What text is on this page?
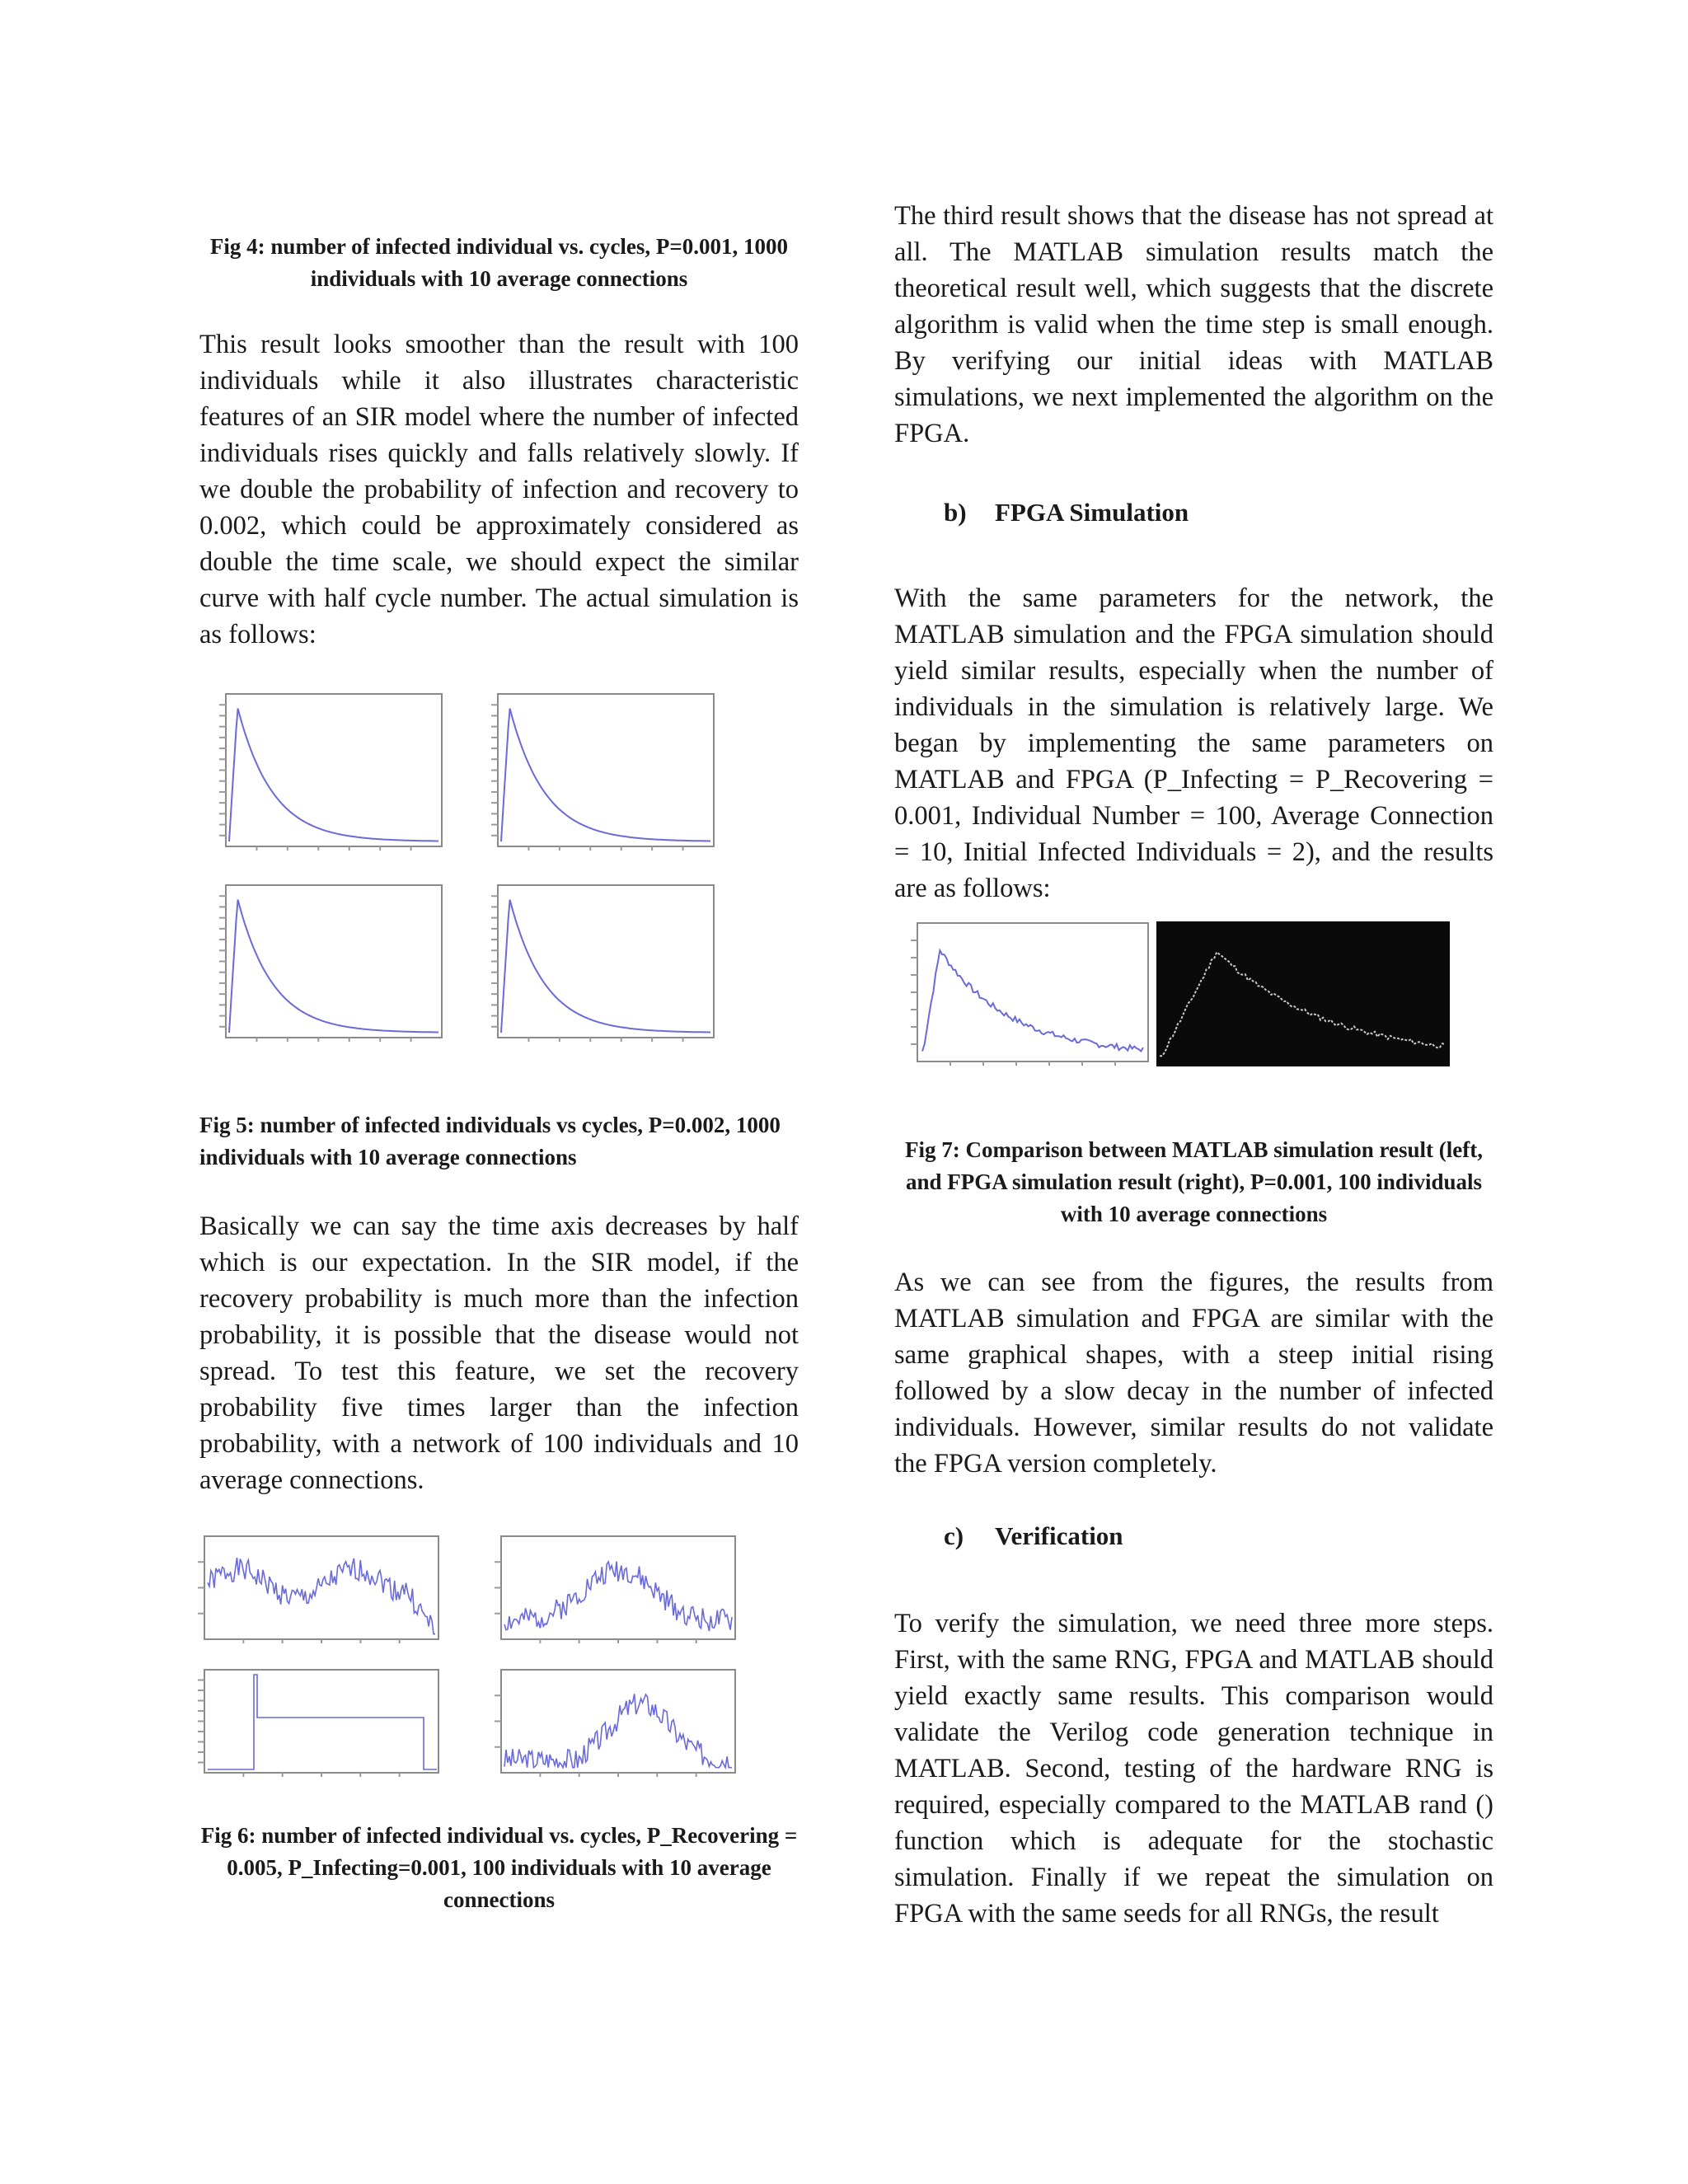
Fig 4: number of infected individual vs. cycles, P=0.001, 1000 individuals with 10 average connections

This result looks smoother than the result with 100 individuals while it also illustrates characteristic features of an SIR model where the number of infected individuals rises quickly and falls relatively slowly. If we double the probability of infection and recovery to 0.002, which could be approximately considered as double the time scale, we should expect the similar curve with half cycle number. The actual simulation is as follows:

Fig 5: number of infected individuals vs cycles, P=0.002, 1000 individuals with 10 average connections

Basically we can say the time axis decreases by half which is our expectation. In the SIR model, if the recovery probability is much more than the infection probability, it is possible that the disease would not spread. To test this feature, we set the recovery probability five times larger than the infection probability, with a network of 100 individuals and 10 average connections.

Fig 6: number of infected individual vs. cycles, P_Recovering = 0.005, P_Infecting=0.001, 100 individuals with 10 average connections

The third result shows that the disease has not spread at all. The MATLAB simulation results match the theoretical result well, which suggests that the discrete algorithm is valid when the time step is small enough. By verifying our initial ideas with MATLAB simulations, we next implemented the algorithm on the FPGA.

b) FPGA Simulation

With the same parameters for the network, the MATLAB simulation and the FPGA simulation should yield similar results, especially when the number of individuals in the simulation is relatively large. We began by implementing the same parameters on MATLAB and FPGA (P_Infecting = P_Recovering = 0.001, Individual Number = 100, Average Connection = 10, Initial Infected Individuals = 2), and the results are as follows:

Fig 7: Comparison between MATLAB simulation result (left, and FPGA simulation result (right), P=0.001, 100 individuals with 10 average connections

As we can see from the figures, the results from MATLAB simulation and FPGA are similar with the same graphical shapes, with a steep initial rising followed by a slow decay in the number of infected individuals. However, similar results do not validate the FPGA version completely.

c) Verification

To verify the simulation, we need three more steps. First, with the same RNG, FPGA and MATLAB should yield exactly same results. This comparison would validate the Verilog code generation technique in MATLAB. Second, testing of the hardware RNG is required, especially compared to the MATLAB rand () function which is adequate for the stochastic simulation. Finally if we repeat the simulation on FPGA with the same seeds for all RNGs, the result
